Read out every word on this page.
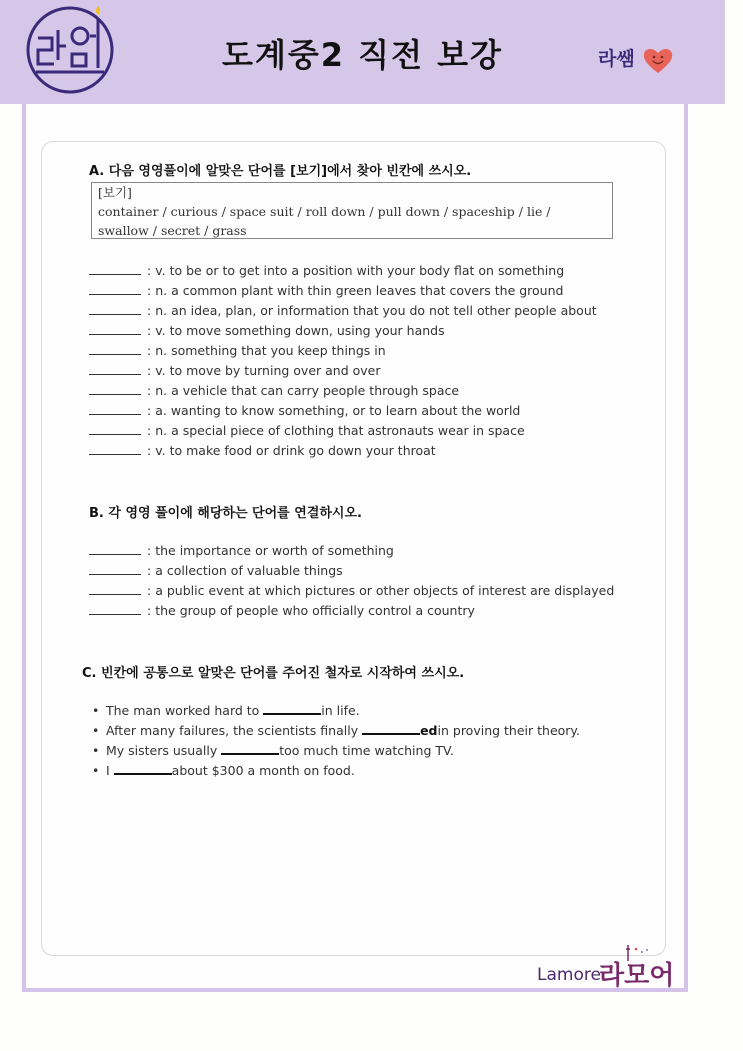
도계중2 직전 보강	라쌤
A. 다음 영영풀이에 알맞은 단어를 [보기]에서 찾아 빈칸에 쓰시오.
[보기]
container / curious / space suit / roll down / pull down / spaceship / lie /
swallow / secret / grass
: v. to be or to get into a position with your body flat on something
: n. a common plant with thin green leaves that covers the ground
: n. an idea, plan, or information that you do not tell other people about
: v. to move something down, using your hands
: n. something that you keep things in
: v. to move by turning over and over
: n. a vehicle that can carry people through space
: a. wanting to know something, or to learn about the world
: n. a special piece of clothing that astronauts wear in space
: v. to make food or drink go down your throat
B. 각 영영 풀이에 해당하는 단어를 연결하시오.
: the importance or worth of something
: a collection of valuable things
: a public event at which pictures or other objects of interest are displayed
: the group of people who officially control a country
C. 빈칸에 공통으로 알맞은 단어를 주어진 철자로 시작하여 쓰시오.
• The man worked hard to	in life.
• After many failures, the scientists finally	edin proving their theory.
• My sisters usually	too much time watching TV.
• I	about $300 a month on food.
Lamore
라모어
